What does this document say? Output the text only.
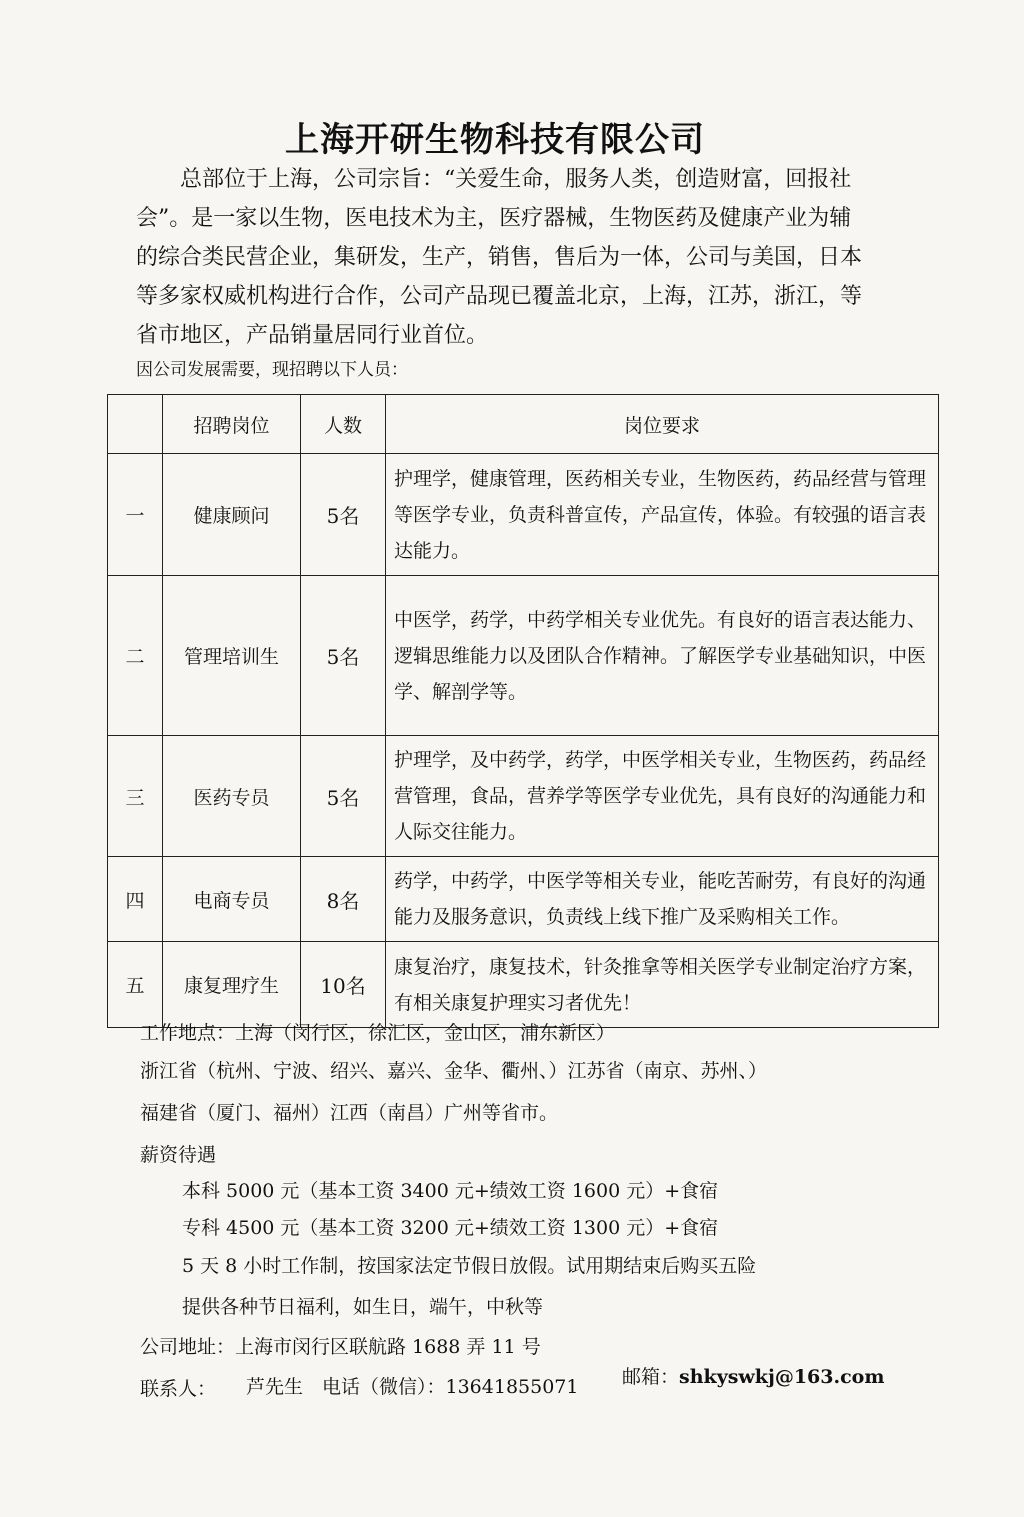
上海开研生物科技有限公司
总部位于上海，公司宗旨：“关爱生命，服务人类，创造财富，回报社会”。是一家以生物，医电技术为主，医疗器械，生物医药及健康产业为辅的综合类民营企业，集研发，生产，销售，售后为一体，公司与美国，日本等多家权威机构进行合作，公司产品现已覆盖北京，上海，江苏，浙江，等省市地区，产品销量居同行业首位。
因公司发展需要，现招聘以下人员：
	招聘岗位	人数	岗位要求
一	健康顾问	5名	护理学，健康管理，医药相关专业，生物医药，药品经营与管理等医学专业，负责科普宣传，产品宣传，体验。有较强的语言表达能力。
二	管理培训生	5名	中医学，药学，中药学相关专业优先。有良好的语言表达能力、逻辑思维能力以及团队合作精神。了解医学专业基础知识，中医学、解剖学等。
三	医药专员	5名	护理学，及中药学，药学，中医学相关专业，生物医药，药品经营管理，食品，营养学等医学专业优先，具有良好的沟通能力和人际交往能力。
四	电商专员	8名	药学，中药学，中医学等相关专业，能吃苦耐劳，有良好的沟通能力及服务意识，负责线上线下推广及采购相关工作。
五	康复理疗生	10名	康复治疗，康复技术，针灸推拿等相关医学专业制定治疗方案，有相关康复护理实习者优先！
工作地点：上海（闵行区，徐汇区，金山区，浦东新区）
浙江省（杭州、宁波、绍兴、嘉兴、金华、衢州、）江苏省（南京、苏州、）
福建省（厦门、福州）江西（南昌）广州等省市。
薪资待遇
本科 5000 元（基本工资 3400 元+绩效工资 1600 元）+食宿
专科 4500 元（基本工资 3200 元+绩效工资 1300 元）+食宿
5 天 8 小时工作制，按国家法定节假日放假。试用期结束后购买五险
提供各种节日福利，如生日，端午，中秋等
公司地址：上海市闵行区联航路 1688 弄 11 号
联系人： 芦先生 电话（微信）：13641855071 邮箱：shkyswkj@163.com
